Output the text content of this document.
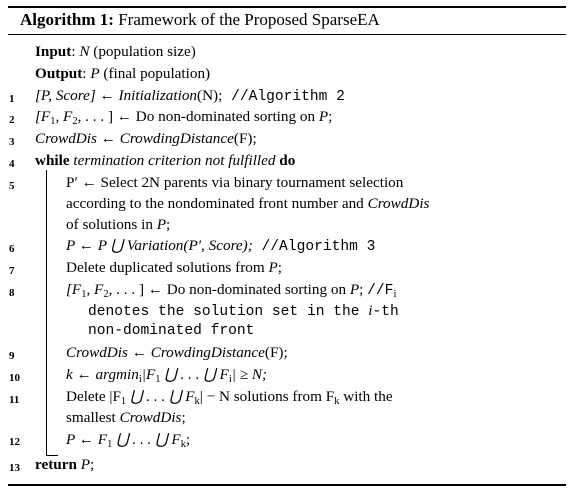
Algorithm 1: Framework of the Proposed SparseEA
Input: N (population size)
Output: P (final population)
1
2
3
4
5
6
7
8
9
10
11
12
13
[P, Score] ← Initialization(N); //Algorithm 2
[$F_1$, $F_2$, . . . ] ← Do non-dominated sorting on P;
CrowdDis ← CrowdingDistance(F);
while termination criterion not fulfilled do
P′ ← Select 2N parents via binary tournament selection
according to the nondominated front number and CrowdDis
of solutions in P;
P ← P ⋃ Variation(P′, Score); //Algorithm 3
Delete duplicated solutions from P;
[$F_1$, $F_2$, . . . ] ← Do non-dominated sorting on P; $//F_i$
denotes the solution set in the i-th
non-dominated front
CrowdDis ← CrowdingDistance(F);
k ← $argmin_i|F_1$ ⋃ . . . ⋃ $F_i| \ge N$;
Delete $|F_1$ ⋃ . . . ⋃ $F_k| - N$ solutions from $F_k$ with the
smallest CrowdDis;
P ← $F_1$ ⋃ . . . ⋃ $F_k$;
return P;
